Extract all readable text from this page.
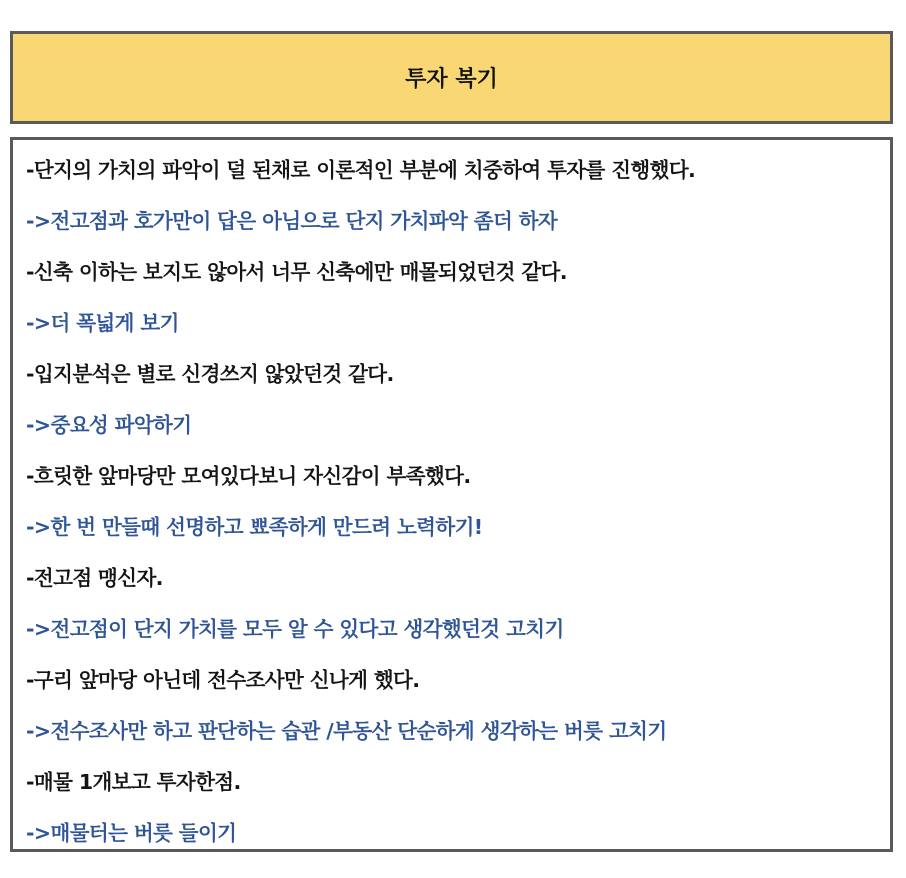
투자 복기
-단지의 가치의 파악이 덜 된채로 이론적인 부분에 치중하여 투자를 진행했다.
->전고점과 호가만이 답은 아님으로 단지 가치파악 좀더 하자
-신축 이하는 보지도 않아서 너무 신축에만 매몰되었던것 같다.
->더 폭넓게 보기
-입지분석은 별로 신경쓰지 않았던것 같다.
->중요성 파악하기
-흐릿한 앞마당만 모여있다보니 자신감이 부족했다.
->한 번 만들때 선명하고 뾰족하게 만드려 노력하기!
-전고점 맹신자.
->전고점이 단지 가치를 모두 알 수 있다고 생각했던것 고치기
-구리 앞마당 아닌데 전수조사만 신나게 했다.
->전수조사만 하고 판단하는 습관 /부동산 단순하게 생각하는 버릇 고치기
-매물 1개보고 투자한점.
->매물터는 버릇 들이기
